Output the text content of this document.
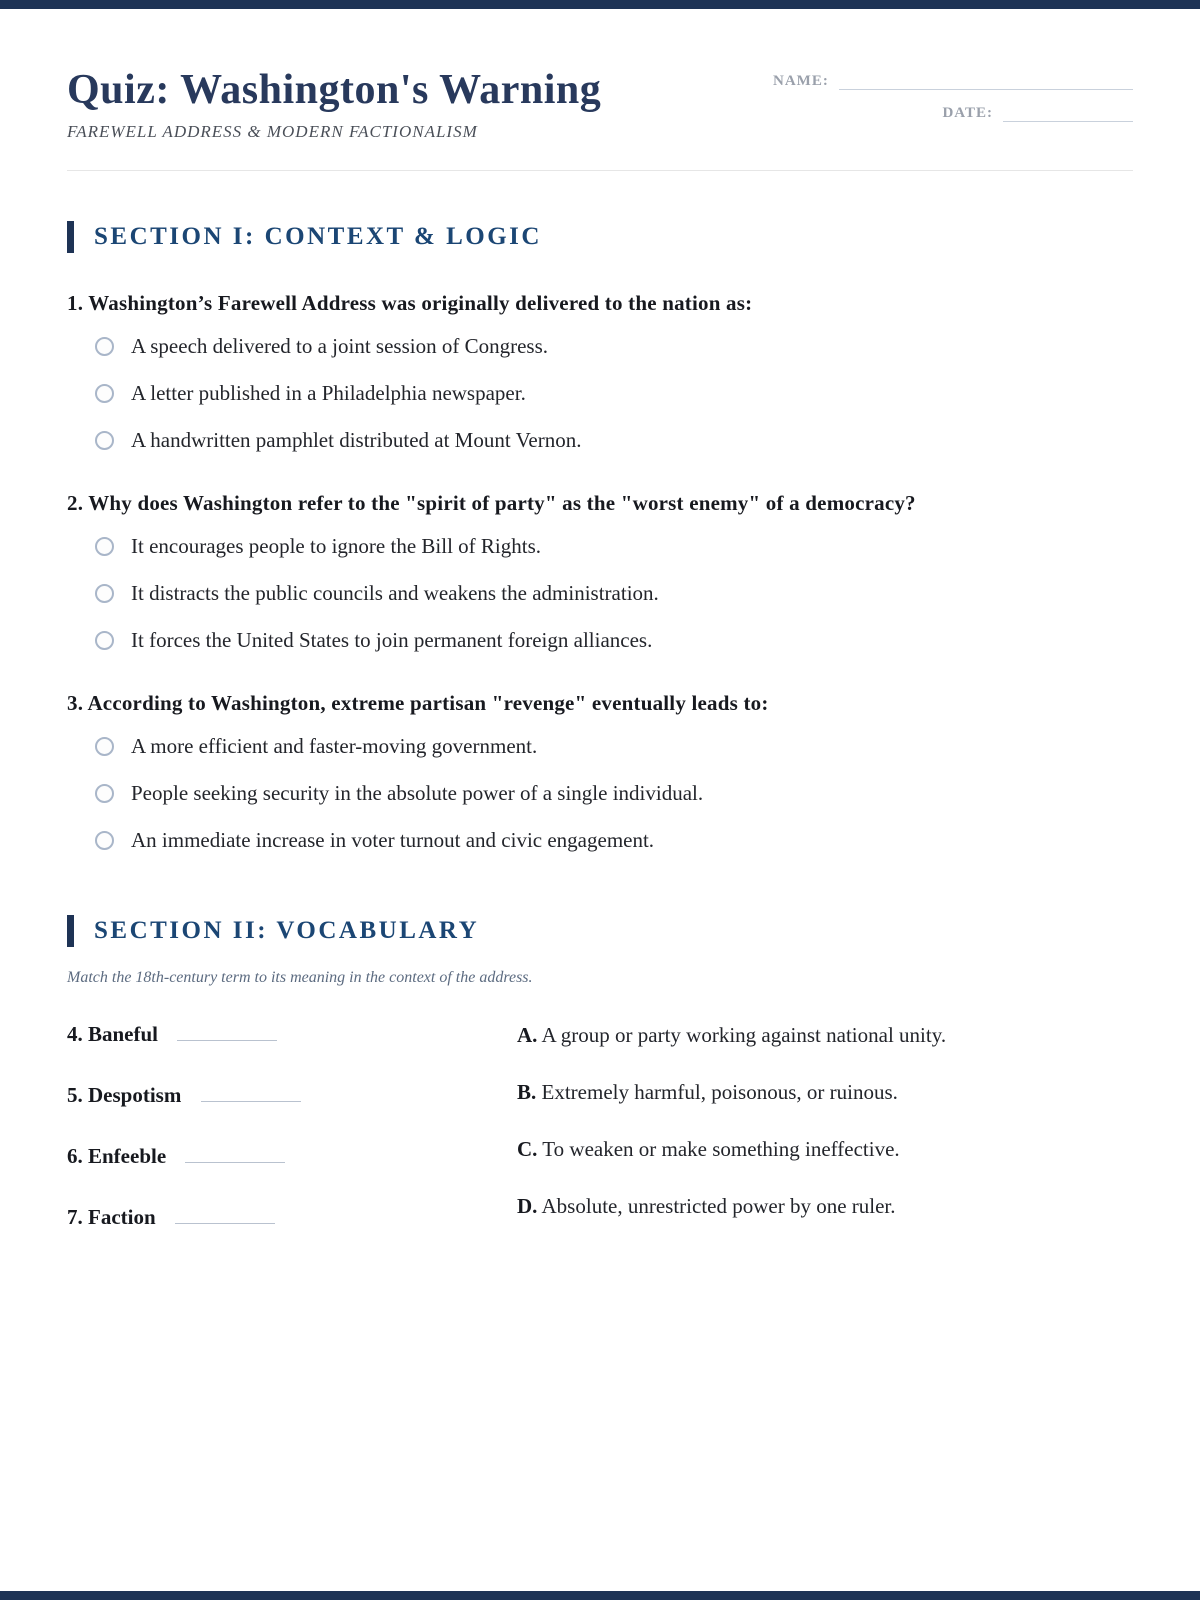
Quiz: Washington's Warning
FAREWELL ADDRESS & MODERN FACTIONALISM
NAME:
DATE:
SECTION I: CONTEXT & LOGIC
1. Washington’s Farewell Address was originally delivered to the nation as:
A speech delivered to a joint session of Congress.
A letter published in a Philadelphia newspaper.
A handwritten pamphlet distributed at Mount Vernon.
2. Why does Washington refer to the "spirit of party" as the "worst enemy" of a democracy?
It encourages people to ignore the Bill of Rights.
It distracts the public councils and weakens the administration.
It forces the United States to join permanent foreign alliances.
3. According to Washington, extreme partisan "revenge" eventually leads to:
A more efficient and faster-moving government.
People seeking security in the absolute power of a single individual.
An immediate increase in voter turnout and civic engagement.
SECTION II: VOCABULARY
Match the 18th-century term to its meaning in the context of the address.
4. Baneful
5. Despotism
6. Enfeeble
7. Faction
A. A group or party working against national unity.
B. Extremely harmful, poisonous, or ruinous.
C. To weaken or make something ineffective.
D. Absolute, unrestricted power by one ruler.
